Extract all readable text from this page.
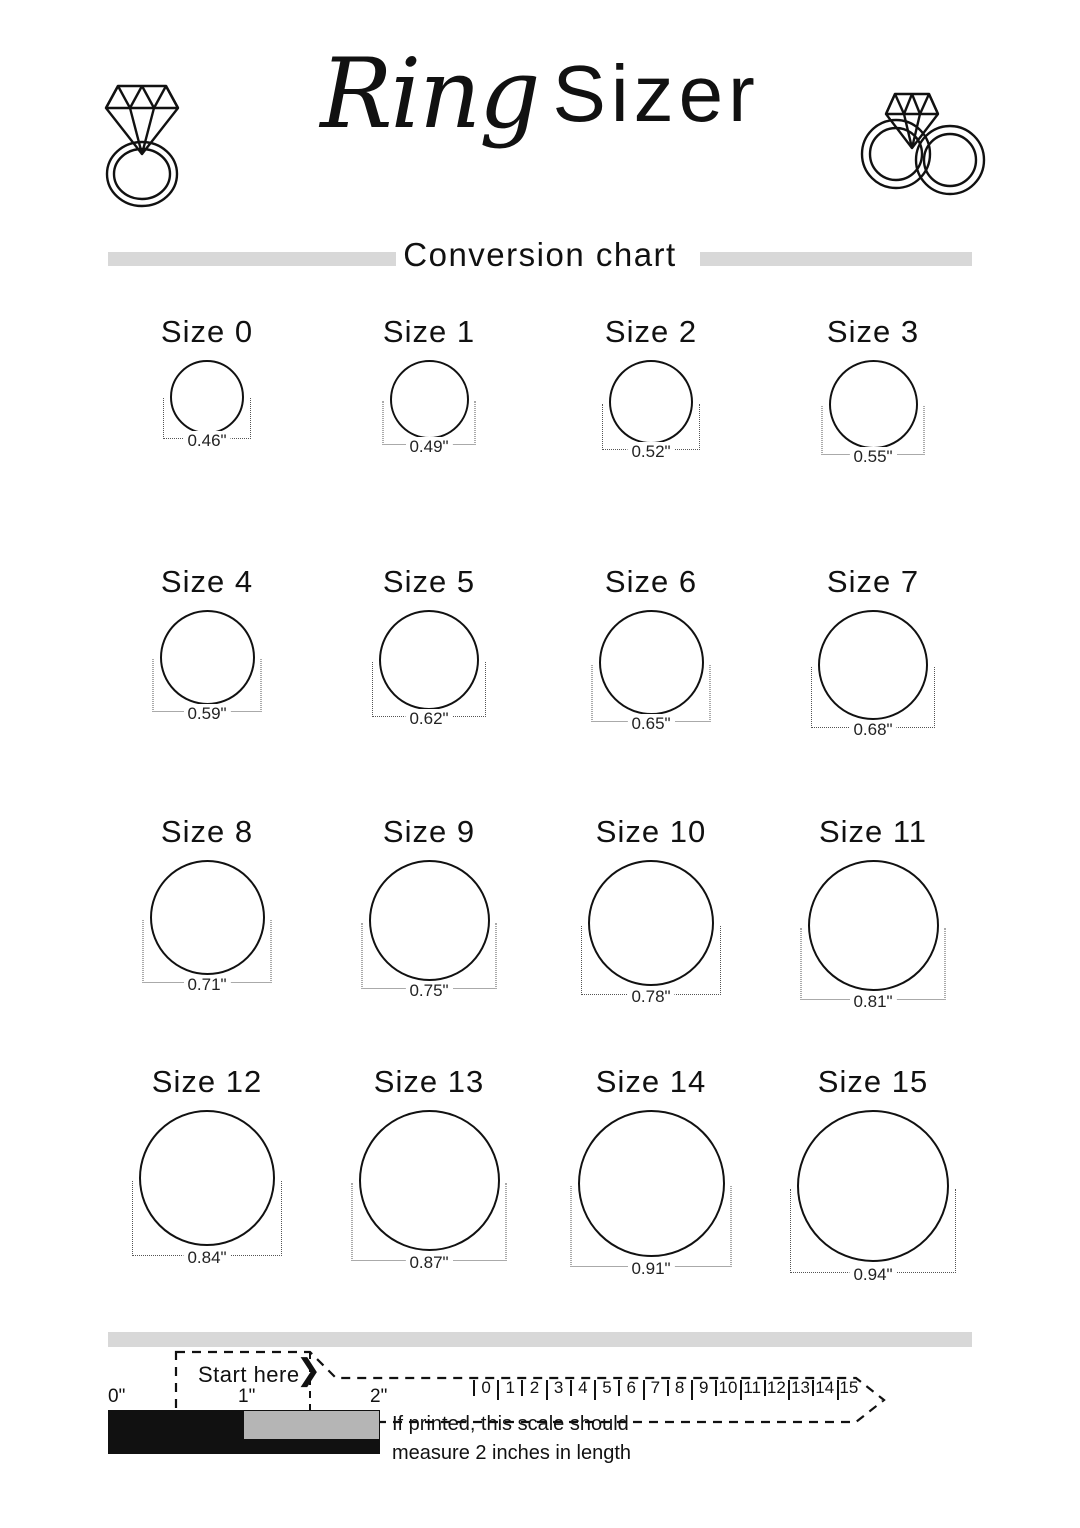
Ring Sizer
Conversion chart
Size 0
0.46"
Size 1
0.49"
Size 2
0.52"
Size 3
0.55"
Size 4
0.59"
Size 5
0.62"
Size 6
0.65"
Size 7
0.68"
Size 8
0.71"
Size 9
0.75"
Size 10
0.78"
Size 11
0.81"
Size 12
0.84"
Size 13
0.87"
Size 14
0.91"
Size 15
0.94"
Start here
❯	0 1 2 3 4 5 6 7 8 9 10 11 12 13 14 15
0"	1"	2"
If printed, this scale should
measure 2 inches in length
